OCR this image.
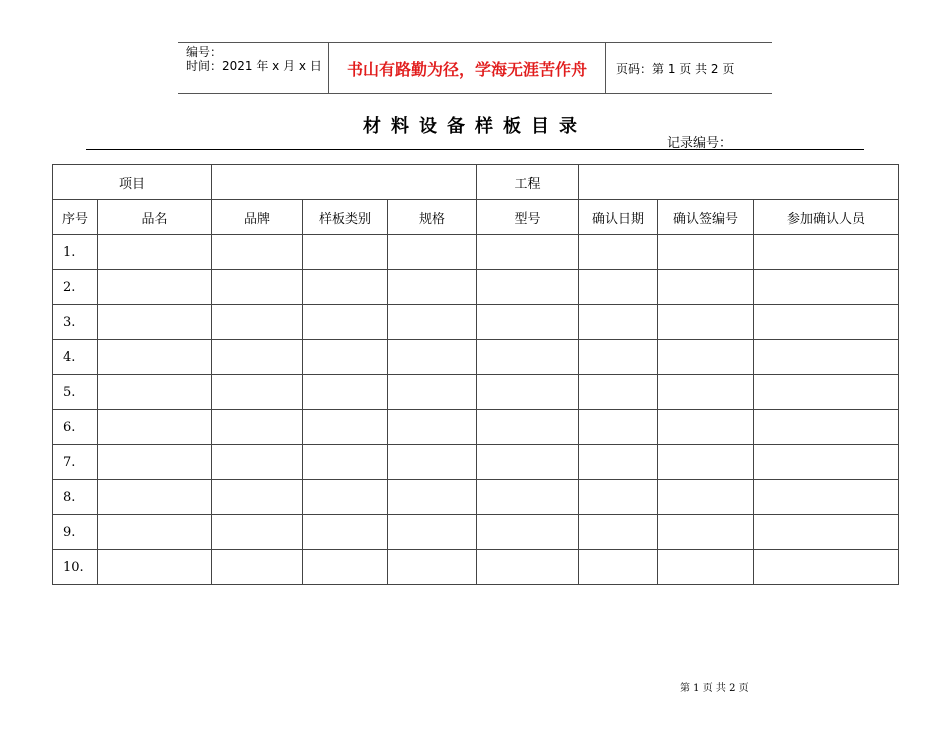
编号：
时间：2021 年 x 月 x 日	书山有路勤为径，学海无涯苦作舟	页码：第 1 页 共 2 页
材料设备样板目录
记录编号：
项目					工程			
序号	品名	品牌	样板类别	规格	型号	确认日期	确认签编号	参加确认人员
1.								
2.								
3.								
4.								
5.								
6.								
7.								
8.								
9.								
10.								
第 1 页 共 2 页
